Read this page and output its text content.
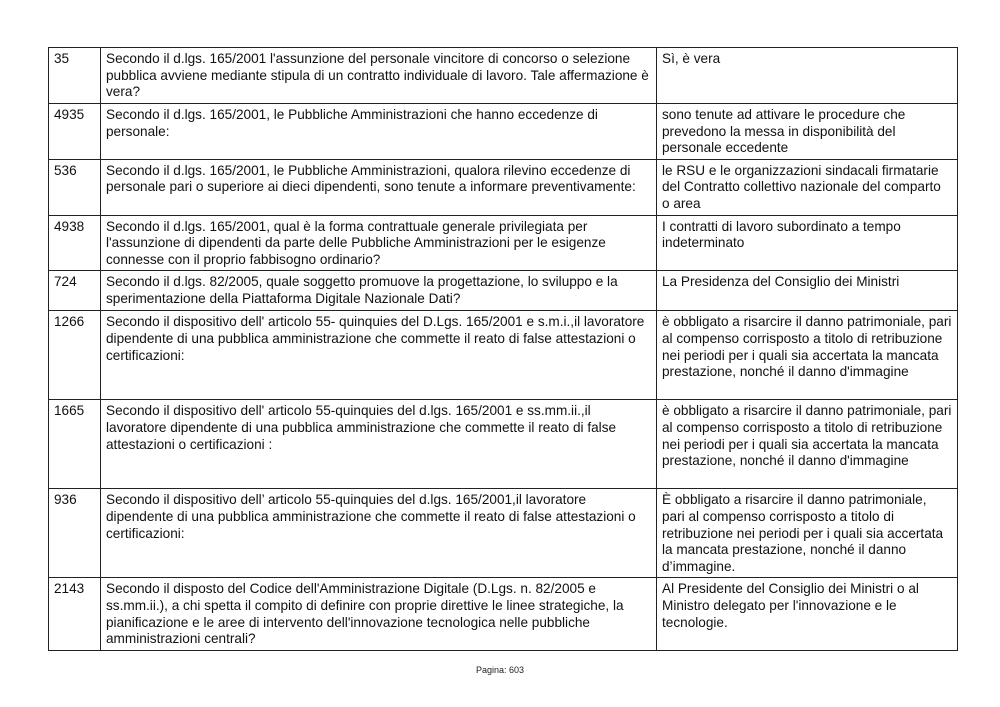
35	Secondo il d.lgs. 165/2001 l'assunzione del personale vincitore di concorso o selezione pubblica avviene mediante stipula di un contratto individuale di lavoro. Tale affermazione è vera?	Sì, è vera
4935	Secondo il d.lgs. 165/2001, le Pubbliche Amministrazioni che hanno eccedenze di personale:	sono tenute ad attivare le procedure che prevedono la messa in disponibilità del personale eccedente
536	Secondo il d.lgs. 165/2001, le Pubbliche Amministrazioni, qualora rilevino eccedenze di personale pari o superiore ai dieci dipendenti, sono tenute a informare preventivamente:	le RSU e le organizzazioni sindacali firmatarie del Contratto collettivo nazionale del comparto o area
4938	Secondo il d.lgs. 165/2001, qual è la forma contrattuale generale privilegiata per l'assunzione di dipendenti da parte delle Pubbliche Amministrazioni per le esigenze connesse con il proprio fabbisogno ordinario?	I contratti di lavoro subordinato a tempo indeterminato
724	Secondo il d.lgs. 82/2005, quale soggetto promuove la progettazione, lo sviluppo e la sperimentazione della Piattaforma Digitale Nazionale Dati?	La Presidenza del Consiglio dei Ministri
1266	Secondo il dispositivo dell' articolo 55- quinquies del D.Lgs. 165/2001 e s.m.i.,il lavoratore dipendente di una pubblica amministrazione che commette il reato di false attestazioni o certificazioni:	è obbligato a risarcire il danno patrimoniale, pari al compenso corrisposto a titolo di retribuzione nei periodi per i quali sia accertata la mancata prestazione, nonché il danno d'immagine
1665	Secondo il dispositivo dell' articolo 55-quinquies del d.lgs. 165/2001 e ss.mm.ii.,il lavoratore dipendente di una pubblica amministrazione che commette il reato di false attestazioni o certificazioni :	è obbligato a risarcire il danno patrimoniale, pari al compenso corrisposto a titolo di retribuzione nei periodi per i quali sia accertata la mancata prestazione, nonché il danno d'immagine
936	Secondo il dispositivo dell’ articolo 55-quinquies del d.lgs. 165/2001,il lavoratore dipendente di una pubblica amministrazione che commette il reato di false attestazioni o certificazioni:	È obbligato a risarcire il danno patrimoniale, pari al compenso corrisposto a titolo di retribuzione nei periodi per i quali sia accertata la mancata prestazione, nonché il danno d’immagine.
2143	Secondo il disposto del Codice dell'Amministrazione Digitale (D.Lgs. n. 82/2005 e ss.mm.ii.), a chi spetta il compito di definire con proprie direttive le linee strategiche, la pianificazione e le aree di intervento dell'innovazione tecnologica nelle pubbliche amministrazioni centrali?	Al Presidente del Consiglio dei Ministri o al Ministro delegato per l'innovazione e le tecnologie.
Pagina: 603
